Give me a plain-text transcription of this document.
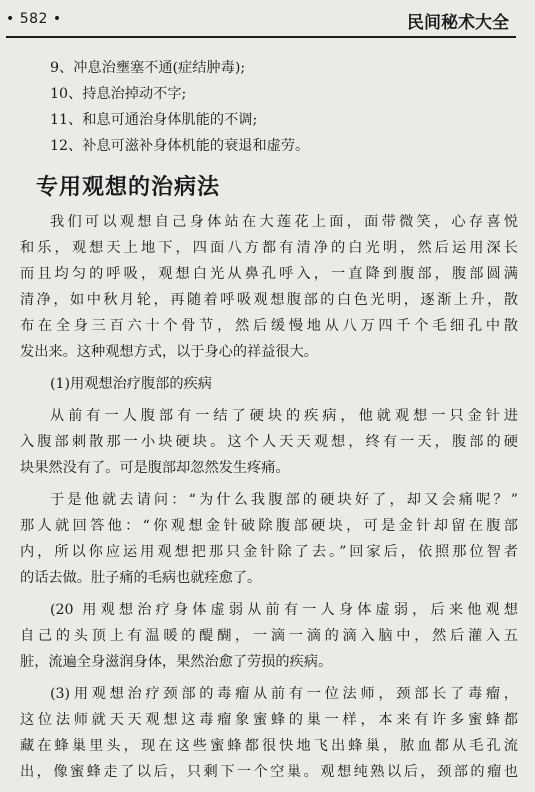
• 582 •	民间秘术大全
9、冲息治壅塞不通(症结肿毒);
10、持息治掉动不字;
11、和息可通治身体肌能的不调;
12、补息可滋补身体机能的衰退和虚劳。
专用观想的治病法
我们可以观想自己身体站在大莲花上面，面带微笑，心存喜悦
和乐，观想天上地下，四面八方都有清净的白光明，然后运用深长
而且均匀的呼吸，观想白光从鼻孔呼入，一直降到腹部，腹部圆满
清净，如中秋月轮，再随着呼吸观想腹部的白色光明，逐渐上升，散
布在全身三百六十个骨节，然后缓慢地从八万四千个毛细孔中散
发出来。这种观想方式，以于身心的祥益很大。
(1)用观想治疗腹部的疾病
从前有一人腹部有一结了硬块的疾病，他就观想一只金针进
入腹部刺散那一小块硬块。这个人天天观想，终有一天，腹部的硬
块果然没有了。可是腹部却忽然发生疼痛。
于是他就去请问：“为什么我腹部的硬块好了，却又会痛呢？”
那人就回答他：“你观想金针破除腹部硬块，可是金针却留在腹部
内，所以你应运用观想把那只金针除了去。”回家后，依照那位智者
的话去做。肚子痛的毛病也就痊愈了。
(20 用观想治疗身体虚弱从前有一人身体虚弱，后来他观想
自己的头顶上有温暖的醍醐，一滴一滴的滴入脑中，然后灌入五
脏，流遍全身滋润身体，果然治愈了劳损的疾病。
(3)用观想治疗颈部的毒瘤从前有一位法师，颈部长了毒瘤，
这位法师就天天观想这毒瘤象蜜蜂的巢一样，本来有许多蜜蜂都
藏在蜂巢里头，现在这些蜜蜂都很快地飞出蜂巢，脓血都从毛孔流
出，像蜜蜂走了以后，只剩下一个空巢。观想纯熟以后，颈部的瘤也
